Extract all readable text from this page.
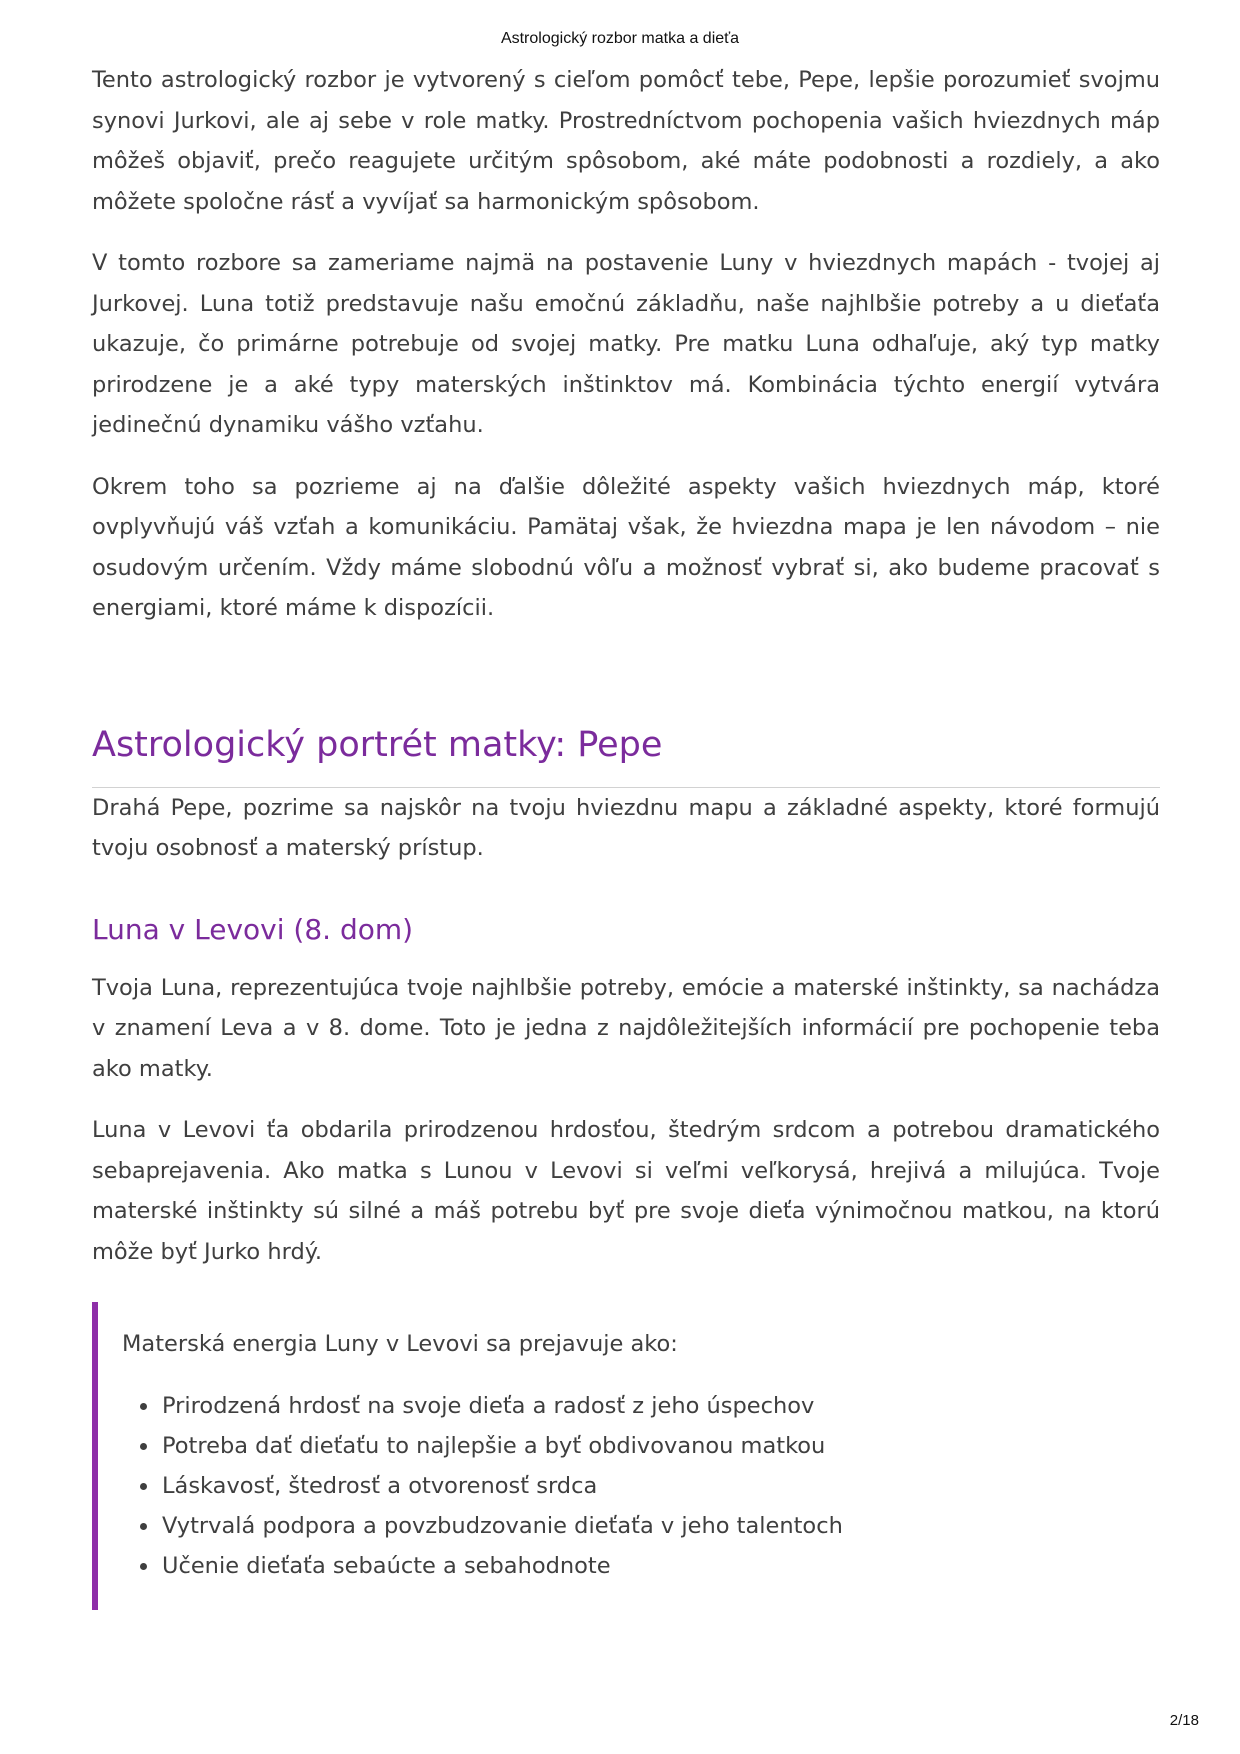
Astrologický rozbor matka a dieťa

Tento astrologický rozbor je vytvorený s cieľom pomôcť tebe, Pepe, lepšie porozumieť svojmu synovi Jurkovi, ale aj sebe v role matky. Prostredníctvom pochopenia vašich hviezdnych máp môžeš objaviť, prečo reagujete určitým spôsobom, aké máte podobnosti a rozdiely, a ako môžete spoločne rásť a vyvíjať sa harmonickým spôsobom.

V tomto rozbore sa zameriame najmä na postavenie Luny v hviezdnych mapách - tvojej aj Jurkovej. Luna totiž predstavuje našu emočnú základňu, naše najhlbšie potreby a u dieťaťa ukazuje, čo primárne potrebuje od svojej matky. Pre matku Luna odhaľuje, aký typ matky prirodzene je a aké typy materských inštinktov má. Kombinácia týchto energií vytvára jedinečnú dynamiku vášho vzťahu.

Okrem toho sa pozrieme aj na ďalšie dôležité aspekty vašich hviezdnych máp, ktoré ovplyvňujú váš vzťah a komunikáciu. Pamätaj však, že hviezdna mapa je len návodom – nie osudovým určením. Vždy máme slobodnú vôľu a možnosť vybrať si, ako budeme pracovať s energiami, ktoré máme k dispozícii.

Astrologický portrét matky: Pepe

Drahá Pepe, pozrime sa najskôr na tvoju hviezdnu mapu a základné aspekty, ktoré formujú tvoju osobnosť a materský prístup.

Luna v Levovi (8. dom)

Tvoja Luna, reprezentujúca tvoje najhlbšie potreby, emócie a materské inštinkty, sa nachádza v znamení Leva a v 8. dome. Toto je jedna z najdôležitejších informácií pre pochopenie teba ako matky.

Luna v Levovi ťa obdarila prirodzenou hrdosťou, štedrým srdcom a potrebou dramatického sebaprejavenia. Ako matka s Lunou v Levovi si veľmi veľkorysá, hrejivá a milujúca. Tvoje materské inštinkty sú silné a máš potrebu byť pre svoje dieťa výnimočnou matkou, na ktorú môže byť Jurko hrdý.

Materská energia Luny v Levovi sa prejavuje ako:

• Prirodzená hrdosť na svoje dieťa a radosť z jeho úspechov
• Potreba dať dieťaťu to najlepšie a byť obdivovanou matkou
• Láskavosť, štedrosť a otvorenosť srdca
• Vytrvalá podpora a povzbudzovanie dieťaťa v jeho talentoch
• Učenie dieťaťa sebaúcte a sebahodnote
2/18
